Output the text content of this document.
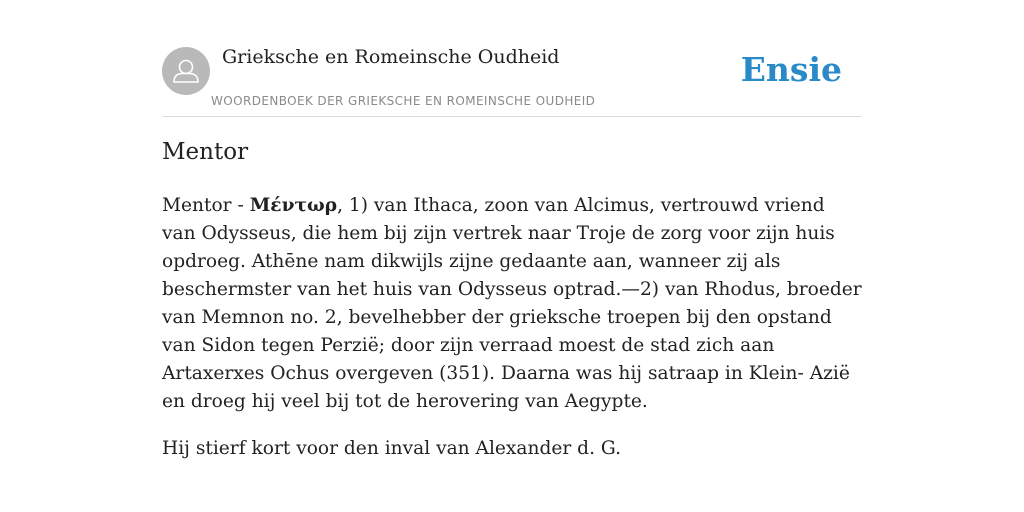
Grieksche en Romeinsche Oudheid
WOORDENBOEK DER GRIEKSCHE EN ROMEINSCHE OUDHEID
Ensie
Mentor

Mentor - Μέντωρ, 1) van Ithaca, zoon van Alcimus, vertrouwd vriend van Odysseus, die hem bij zijn vertrek naar Troje de zorg voor zijn huis opdroeg. Athēne nam dikwijls zijne gedaante aan, wanneer zij als beschermster van het huis van Odysseus optrad.—2) van Rhodus, broeder van Memnon no. 2, bevelhebber der grieksche troepen bij den opstand van Sidon tegen Perzië; door zijn verraad moest de stad zich aan Artaxerxes Ochus overgeven (351). Daarna was hij satraap in Klein- Azië en droeg hij veel bij tot de herovering van Aegypte.

Hij stierf kort voor den inval van Alexander d. G.
